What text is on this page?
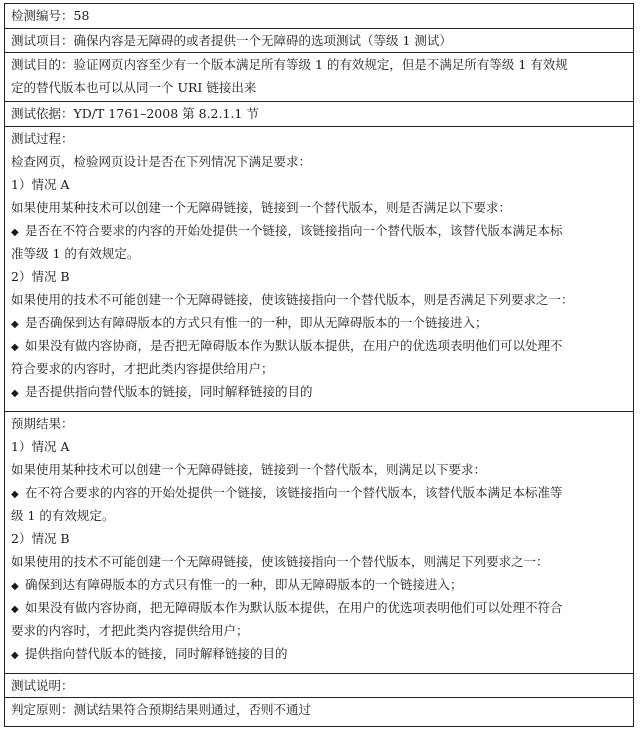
检测编号：58
测试项目：确保内容是无障碍的或者提供一个无障碍的选项测试（等级 1 测试）
测试目的：验证网页内容至少有一个版本满足所有等级 1 的有效规定，但是不满足所有等级 1 有效规
定的替代版本也可以从同一个 URI 链接出来
测试依据：YD/T 1761–2008 第 8.2.1.1 节
测试过程：
检查网页，检验网页设计是否在下列情况下满足要求：
1）情况 A
如果使用某种技术可以创建一个无障碍链接，链接到一个替代版本，则是否满足以下要求：
◆ 是否在不符合要求的内容的开始处提供一个链接，该链接指向一个替代版本，该替代版本满足本标
准等级 1 的有效规定。
2）情况 B
如果使用的技术不可能创建一个无障碍链接，使该链接指向一个替代版本，则是否满足下列要求之一：
◆ 是否确保到达有障碍版本的方式只有惟一的一种，即从无障碍版本的一个链接进入；
◆ 如果没有做内容协商，是否把无障碍版本作为默认版本提供，在用户的优选项表明他们可以处理不
符合要求的内容时，才把此类内容提供给用户；
◆ 是否提供指向替代版本的链接，同时解释链接的目的
预期结果：
1）情况 A
如果使用某种技术可以创建一个无障碍链接，链接到一个替代版本，则满足以下要求：
◆ 在不符合要求的内容的开始处提供一个链接，该链接指向一个替代版本，该替代版本满足本标准等
级 1 的有效规定。
2）情况 B
如果使用的技术不可能创建一个无障碍链接，使该链接指向一个替代版本，则满足下列要求之一：
◆ 确保到达有障碍版本的方式只有惟一的一种，即从无障碍版本的一个链接进入；
◆ 如果没有做内容协商，把无障碍版本作为默认版本提供，在用户的优选项表明他们可以处理不符合
要求的内容时，才把此类内容提供给用户；
◆ 提供指向替代版本的链接，同时解释链接的目的
测试说明：
判定原则：测试结果符合预期结果则通过，否则不通过
